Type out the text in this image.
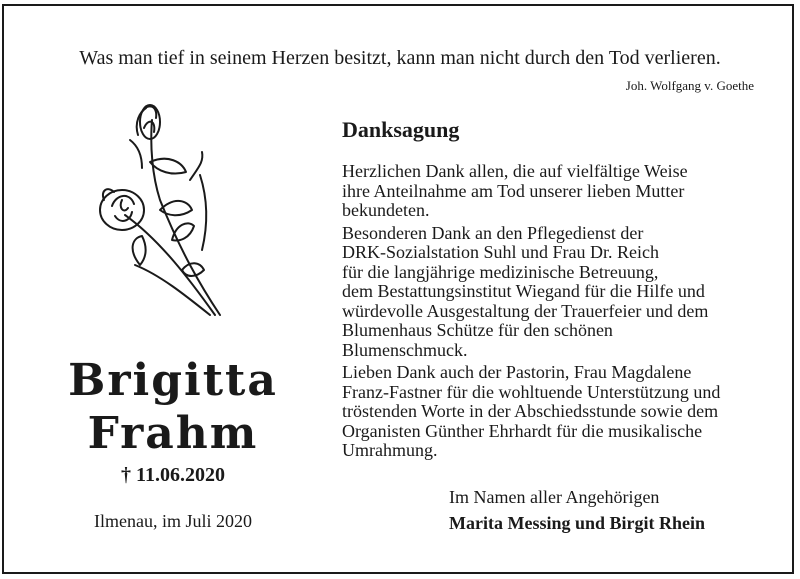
Was man tief in seinem Herzen besitzt, kann man nicht durch den Tod verlieren.
Joh. Wolfgang v. Goethe
Brigitta
Frahm
† 11.06.2020
Ilmenau, im Juli 2020
Danksagung

Herzlichen Dank allen, die auf vielfältige Weise
ihre Anteilnahme am Tod unserer lieben Mutter
bekundeten.

Besonderen Dank an den Pflegedienst der
DRK-Sozialstation Suhl und Frau Dr. Reich
für die langjährige medizinische Betreuung,
dem Bestattungsinstitut Wiegand für die Hilfe und
würdevolle Ausgestaltung der Trauerfeier und dem
Blumenhaus Schütze für den schönen
Blumenschmuck.

Lieben Dank auch der Pastorin, Frau Magdalene
Franz-Fastner für die wohltuende Unterstützung und
tröstenden Worte in der Abschiedsstunde sowie dem
Organisten Günther Ehrhardt für die musikalische
Umrahmung.

Im Namen aller Angehörigen
Marita Messing und Birgit Rhein
